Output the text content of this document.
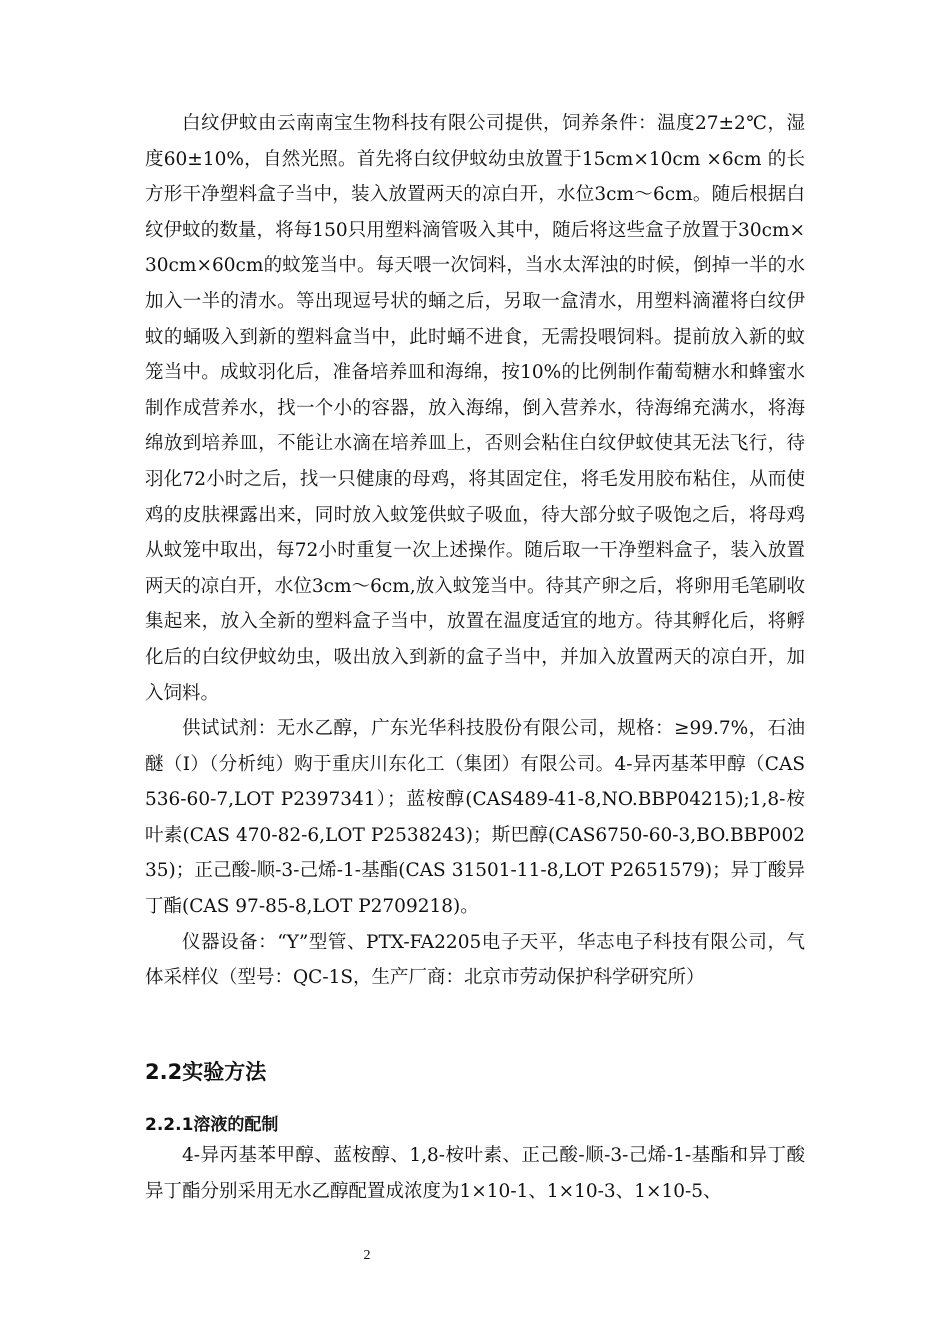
白纹伊蚊由云南南宝生物科技有限公司提供，饲养条件：温度27±2℃，湿度60±10%，自然光照。首先将白纹伊蚊幼虫放置于15cm×10cm ×6cm 的长方形干净塑料盒子当中，装入放置两天的凉白开，水位3cm～6cm。随后根据白纹伊蚊的数量，将每150只用塑料滴管吸入其中，随后将这些盒子放置于30cm×30cm×60cm的蚊笼当中。每天喂一次饲料，当水太浑浊的时候，倒掉一半的水加入一半的清水。等出现逗号状的蛹之后，另取一盒清水，用塑料滴灌将白纹伊蚊的蛹吸入到新的塑料盒当中，此时蛹不进食，无需投喂饲料。提前放入新的蚊笼当中。成蚊羽化后，准备培养皿和海绵，按10%的比例制作葡萄糖水和蜂蜜水制作成营养水，找一个小的容器，放入海绵，倒入营养水，待海绵充满水，将海绵放到培养皿，不能让水滴在培养皿上，否则会粘住白纹伊蚊使其无法飞行，待羽化72小时之后，找一只健康的母鸡，将其固定住，将毛发用胶布粘住，从而使鸡的皮肤裸露出来，同时放入蚊笼供蚊子吸血，待大部分蚊子吸饱之后，将母鸡从蚊笼中取出，每72小时重复一次上述操作。随后取一干净塑料盒子，装入放置两天的凉白开，水位3cm～6cm,放入蚊笼当中。待其产卵之后，将卵用毛笔刷收集起来，放入全新的塑料盒子当中，放置在温度适宜的地方。待其孵化后，将孵化后的白纹伊蚊幼虫，吸出放入到新的盒子当中，并加入放置两天的凉白开，加入饲料。

供试试剂：无水乙醇，广东光华科技股份有限公司，规格：≥99.7%，石油醚（Ⅰ）（分析纯）购于重庆川东化工（集团）有限公司。4-异丙基苯甲醇（CAS 536-60-7,LOT P2397341）；蓝桉醇(CAS489-41-8,NO.BBP04215);1,8-桉叶素(CAS 470-82-6,LOT P2538243)；斯巴醇(CAS6750-60-3,BO.BBP00235)；正己酸-顺-3-己烯-1-基酯(CAS 31501-11-8,LOT P2651579)；异丁酸异丁酯(CAS 97-85-8,LOT P2709218)。

仪器设备：“Y”型管、PTX-FA2205电子天平，华志电子科技有限公司，气体采样仪（型号：QC-1S，生产厂商：北京市劳动保护科学研究所）

2.2实验方法
2.2.1溶液的配制

4-异丙基苯甲醇、蓝桉醇、1,8-桉叶素、正己酸-顺-3-己烯-1-基酯和异丁酸异丁酯分别采用无水乙醇配置成浓度为1×10-1、1×10-3、1×10-5、

2
